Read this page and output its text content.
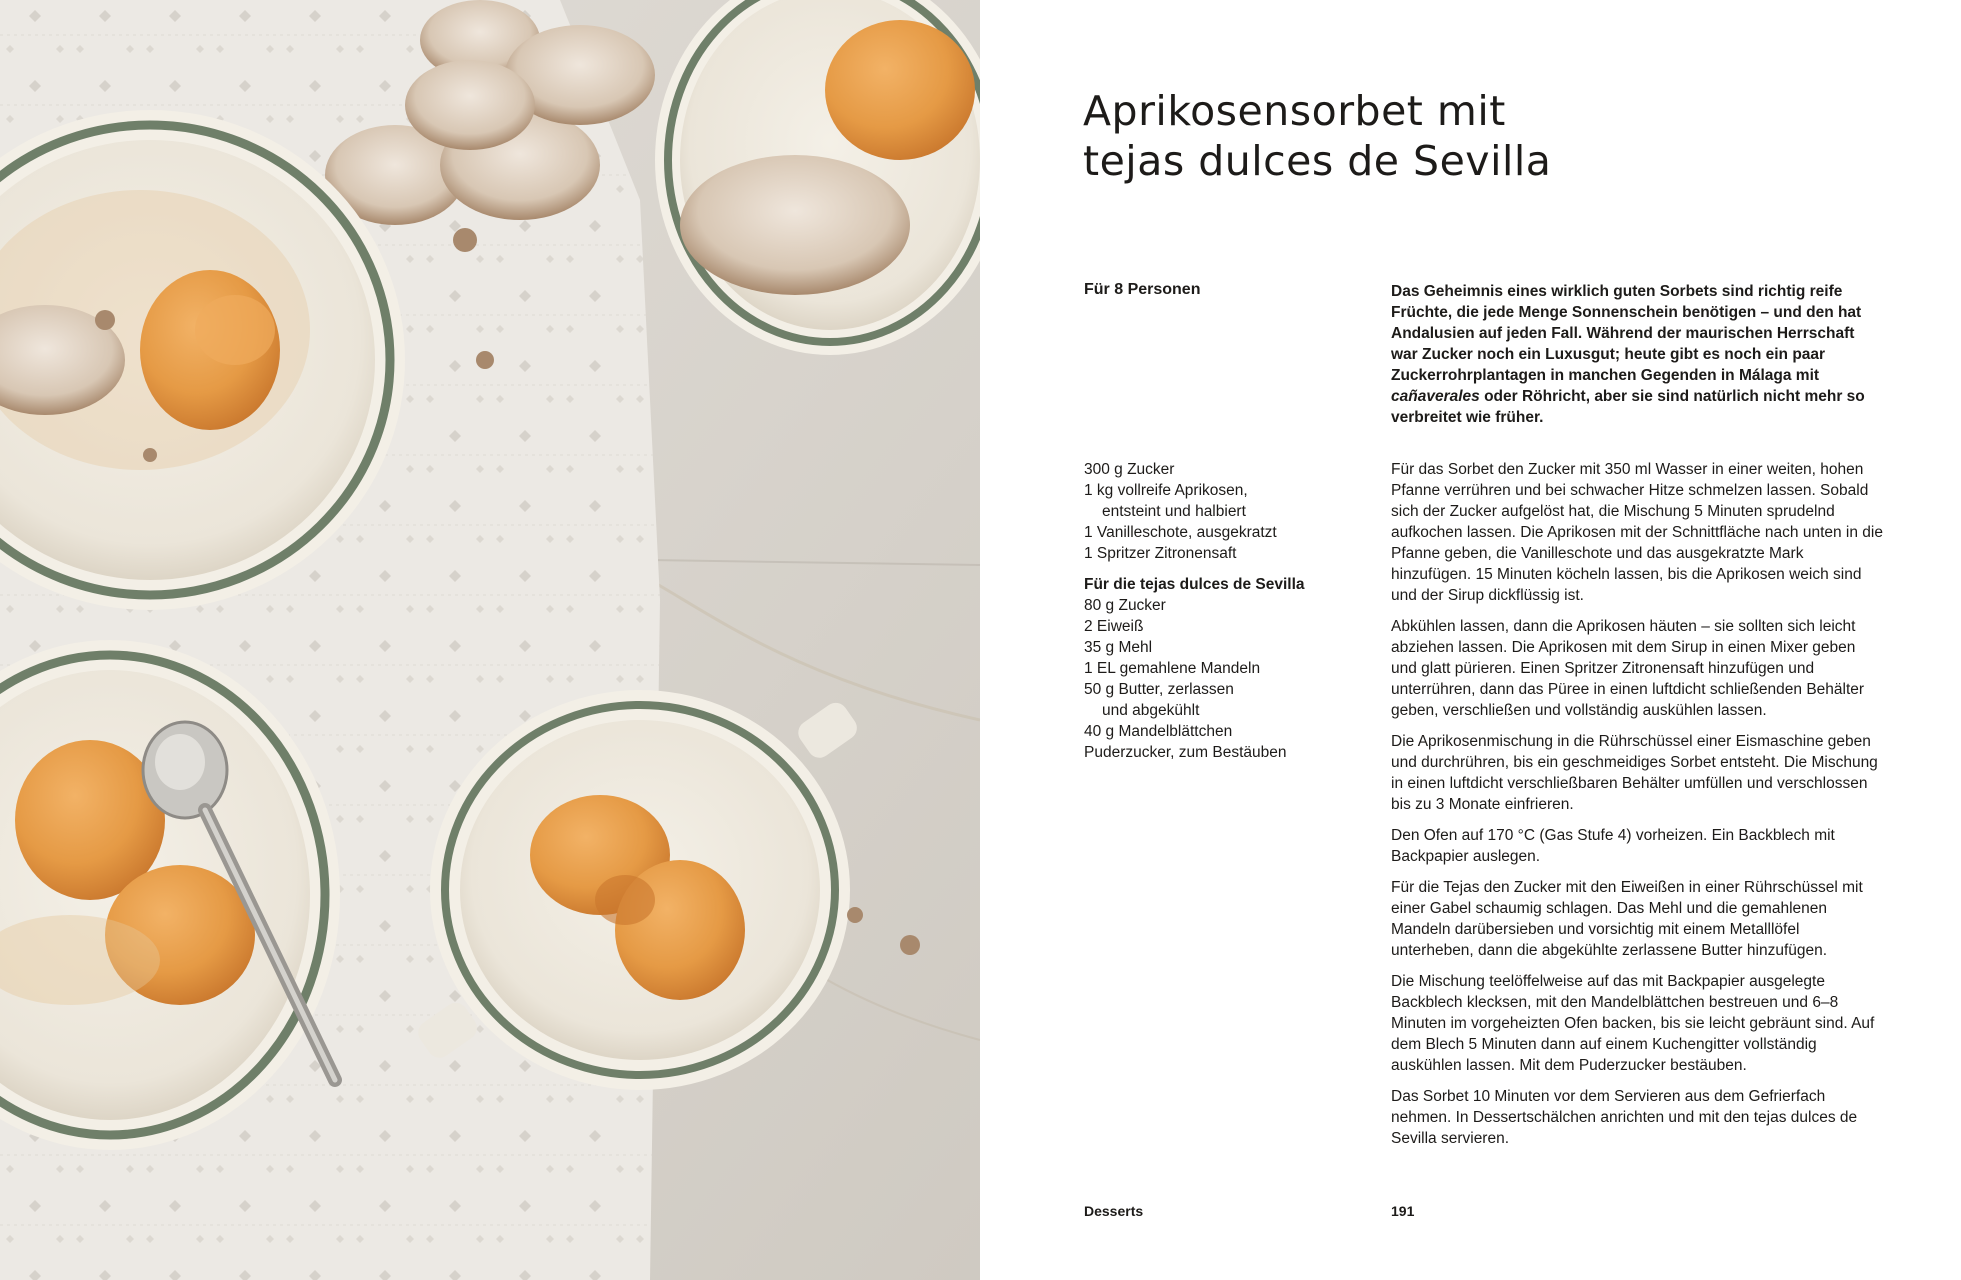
Aprikosensorbet mit
tejas dulces de Sevilla
Für 8 Personen	Das Geheimnis eines wirklich guten Sorbets sind richtig reife Früchte, die jede Menge Sonnenschein benötigen – und den hat Andalusien auf jeden Fall. Während der maurischen Herrschaft war Zucker noch ein Luxusgut; heute gibt es noch ein paar Zuckerrohrplantagen in manchen Gegenden in Málaga mit cañaverales oder Röhricht, aber sie sind natürlich nicht mehr so verbreitet wie früher.

300 g Zucker
1 kg vollreife Aprikosen,
entsteint und halbiert
1 Vanilleschote, ausgekratzt
1 Spritzer Zitronensaft
Für die tejas dulces de Sevilla
80 g Zucker
2 Eiweiß
35 g Mehl
1 EL gemahlene Mandeln
50 g Butter, zerlassen
und abgekühlt
40 g Mandelblättchen
Puderzucker, zum Bestäuben

Für das Sorbet den Zucker mit 350 ml Wasser in einer weiten, hohen Pfanne verrühren und bei schwacher Hitze schmelzen lassen. Sobald sich der Zucker aufgelöst hat, die Mischung 5 Minuten sprudelnd aufkochen lassen. Die Aprikosen mit der Schnittfläche nach unten in die Pfanne geben, die Vanilleschote und das ausgekratzte Mark hinzufügen. 15 Minuten köcheln lassen, bis die Aprikosen weich sind und der Sirup dickflüssig ist.

Abkühlen lassen, dann die Aprikosen häuten – sie sollten sich leicht abziehen lassen. Die Aprikosen mit dem Sirup in einen Mixer geben und glatt pürieren. Einen Spritzer Zitronensaft hinzufügen und unterrühren, dann das Püree in einen luftdicht schließenden Behälter geben, verschließen und vollständig auskühlen lassen.

Die Aprikosenmischung in die Rührschüssel einer Eismaschine geben und durchrühren, bis ein geschmeidiges Sorbet entsteht. Die Mischung in einen luftdicht verschließbaren Behälter umfüllen und verschlossen bis zu 3 Monate einfrieren.

Den Ofen auf 170 °C (Gas Stufe 4) vorheizen. Ein Backblech mit Backpapier auslegen.

Für die Tejas den Zucker mit den Eiweißen in einer Rührschüssel mit einer Gabel schaumig schlagen. Das Mehl und die gemahlenen Mandeln darübersieben und vorsichtig mit einem Metalllöfel unterheben, dann die abgekühlte zerlassene Butter hinzufügen.

Die Mischung teelöffelweise auf das mit Backpapier ausgelegte Backblech klecksen, mit den Mandelblättchen bestreuen und 6–8 Minuten im vorgeheizten Ofen backen, bis sie leicht gebräunt sind. Auf dem Blech 5 Minuten dann auf einem Kuchengitter vollständig auskühlen lassen. Mit dem Puderzucker bestäuben.

Das Sorbet 10 Minuten vor dem Servieren aus dem Gefrierfach nehmen. In Dessertschälchen anrichten und mit den tejas dulces de Sevilla servieren.

Desserts	191
